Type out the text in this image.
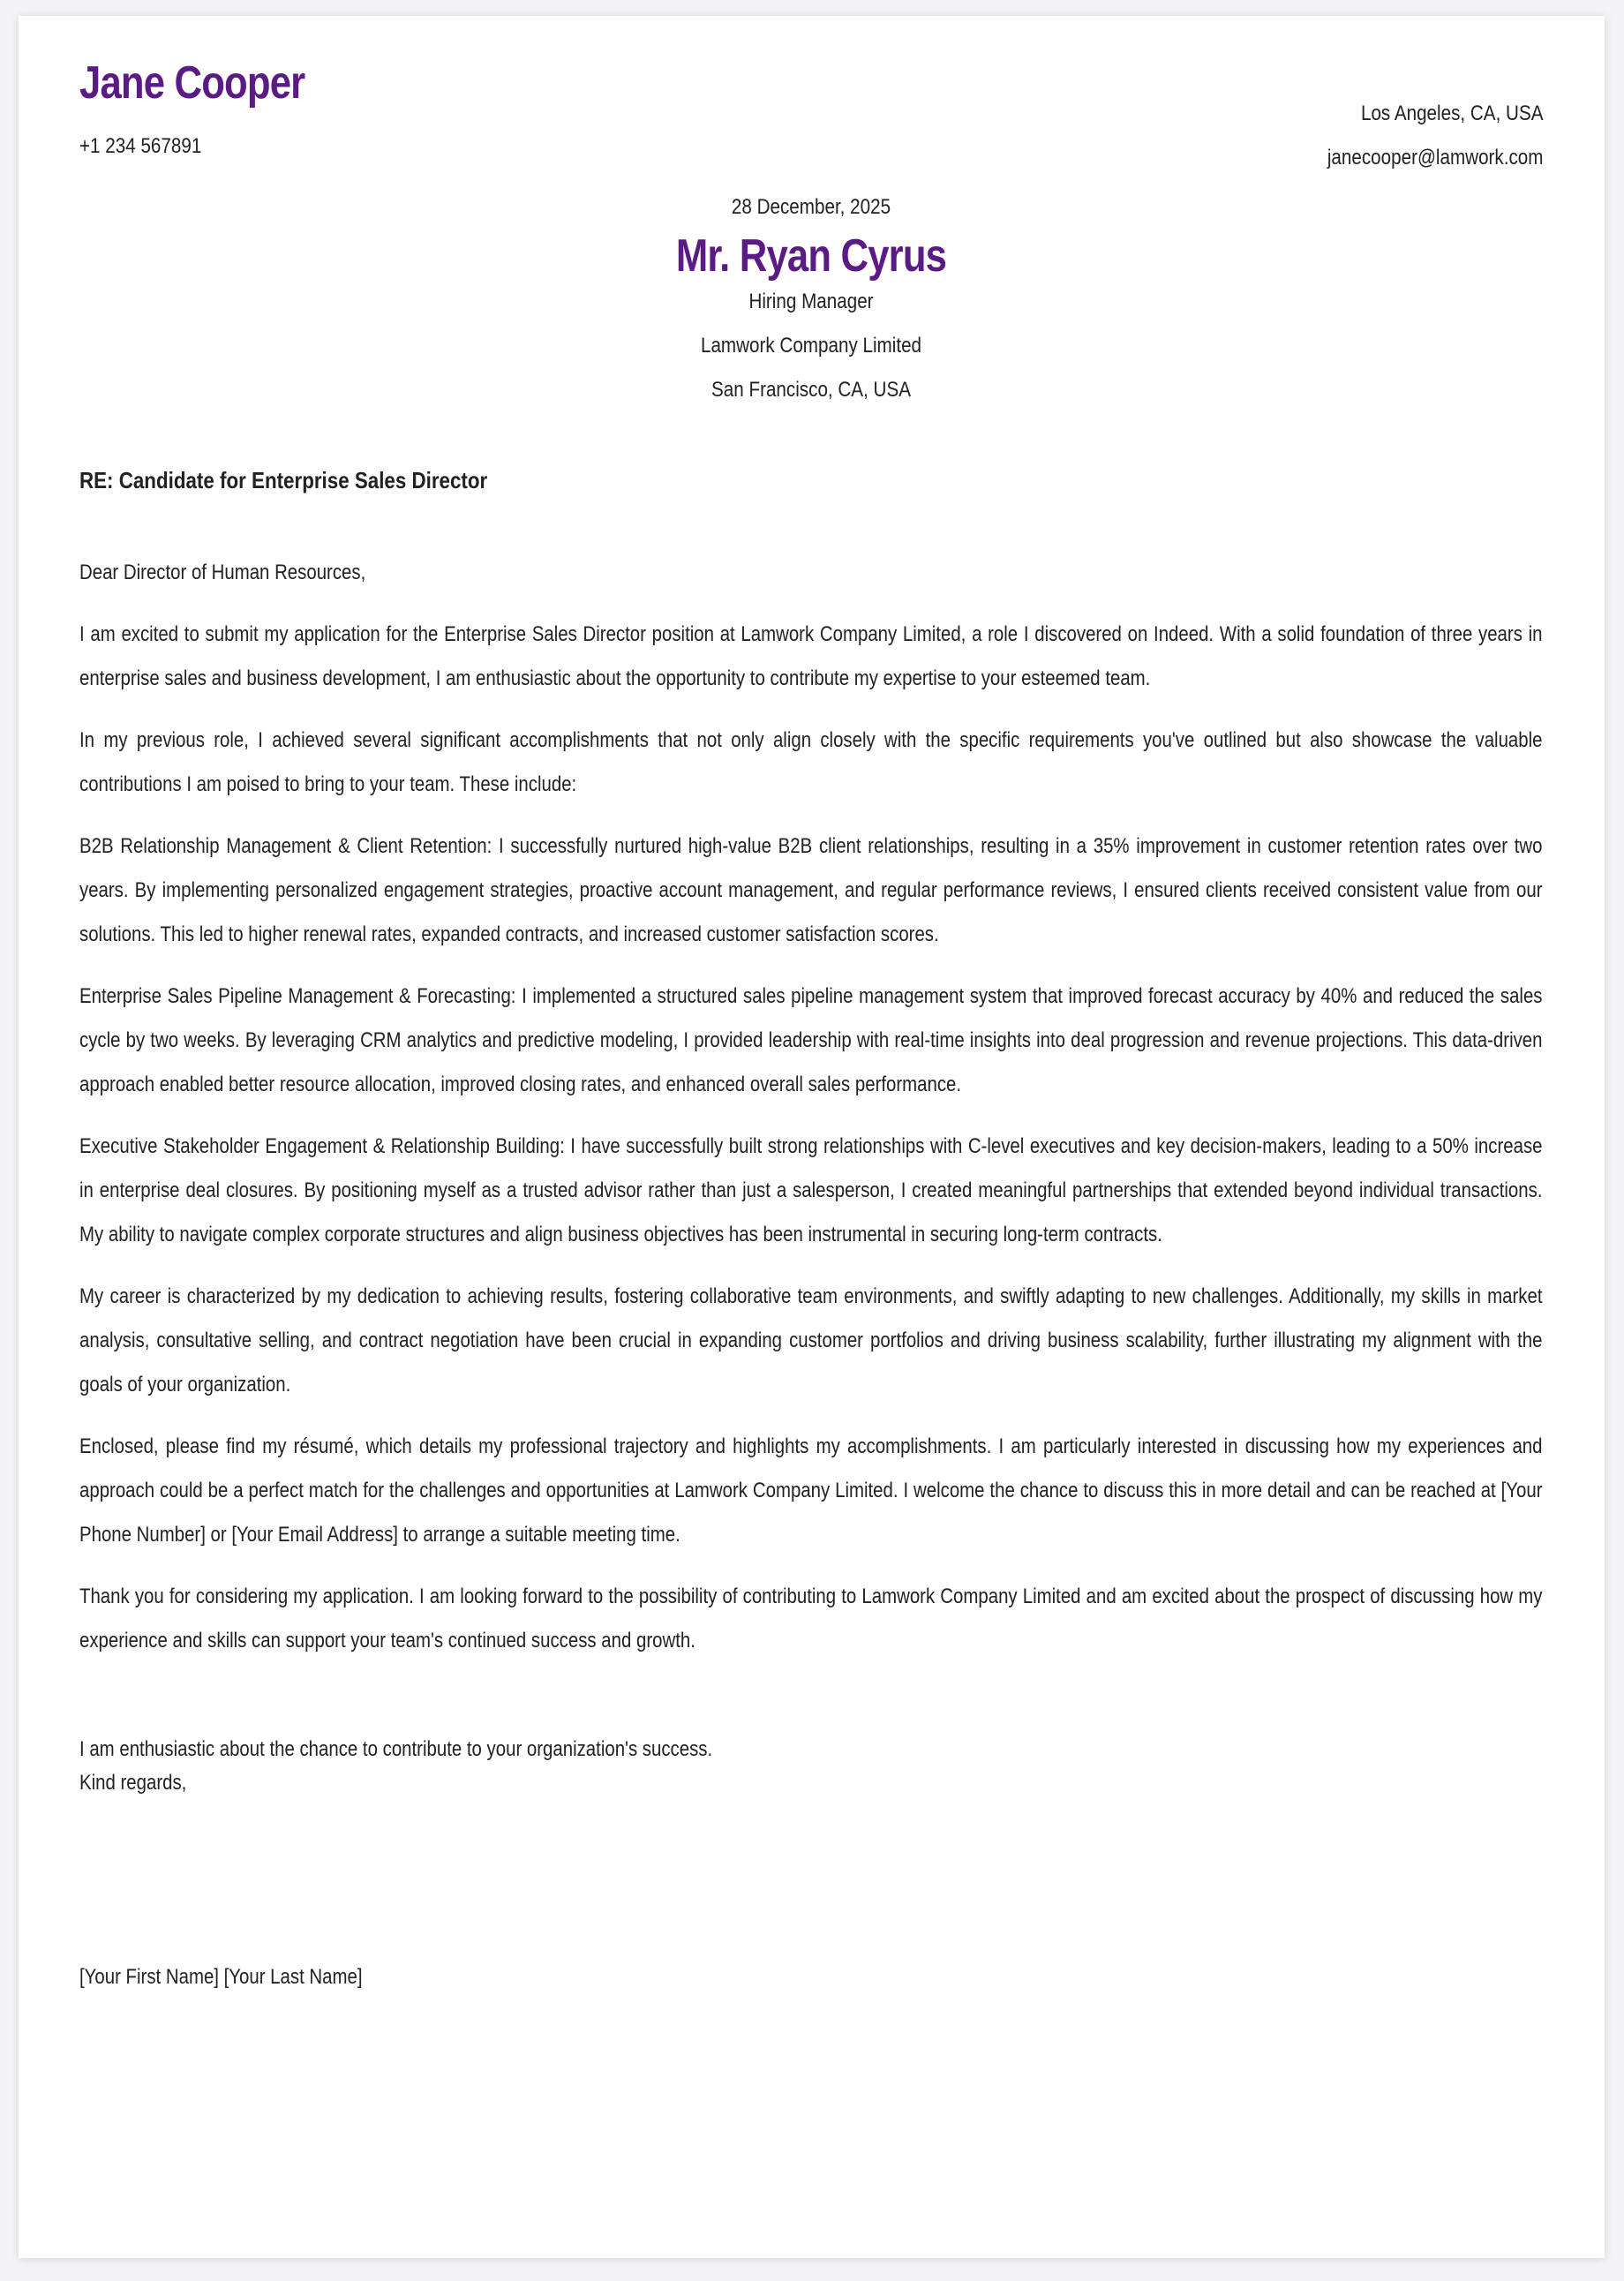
Jane Cooper
+1 234 567891
Los Angeles, CA, USA
janecooper@lamwork.com
28 December, 2025
Mr. Ryan Cyrus
Hiring Manager
Lamwork Company Limited
San Francisco, CA, USA
RE: Candidate for Enterprise Sales Director

Dear Director of Human Resources,

I am excited to submit my application for the Enterprise Sales Director position at Lamwork Company Limited, a role I discovered on Indeed. With a solid foundation of three years in enterprise sales and business development, I am enthusiastic about the opportunity to contribute my expertise to your esteemed team.

In my previous role, I achieved several significant accomplishments that not only align closely with the specific requirements you've outlined but also showcase the valuable contributions I am poised to bring to your team. These include:

B2B Relationship Management & Client Retention: I successfully nurtured high-value B2B client relationships, resulting in a 35% improvement in customer retention rates over two years. By implementing personalized engagement strategies, proactive account management, and regular performance reviews, I ensured clients received consistent value from our solutions. This led to higher renewal rates, expanded contracts, and increased customer satisfaction scores.

Enterprise Sales Pipeline Management & Forecasting: I implemented a structured sales pipeline management system that improved forecast accuracy by 40% and reduced the sales cycle by two weeks. By leveraging CRM analytics and predictive modeling, I provided leadership with real-time insights into deal progression and revenue projections. This data-driven approach enabled better resource allocation, improved closing rates, and enhanced overall sales performance.

Executive Stakeholder Engagement & Relationship Building: I have successfully built strong relationships with C-level executives and key decision-makers, leading to a 50% increase in enterprise deal closures. By positioning myself as a trusted advisor rather than just a salesperson, I created meaningful partnerships that extended beyond individual transactions. My ability to navigate complex corporate structures and align business objectives has been instrumental in securing long-term contracts.

My career is characterized by my dedication to achieving results, fostering collaborative team environments, and swiftly adapting to new challenges. Additionally, my skills in market analysis, consultative selling, and contract negotiation have been crucial in expanding customer portfolios and driving business scalability, further illustrating my alignment with the goals of your organization.

Enclosed, please find my résumé, which details my professional trajectory and highlights my accomplishments. I am particularly interested in discussing how my experiences and approach could be a perfect match for the challenges and opportunities at Lamwork Company Limited. I welcome the chance to discuss this in more detail and can be reached at [Your Phone Number] or [Your Email Address] to arrange a suitable meeting time.

Thank you for considering my application. I am looking forward to the possibility of contributing to Lamwork Company Limited and am excited about the prospect of discussing how my experience and skills can support your team's continued success and growth.

I am enthusiastic about the chance to contribute to your organization's success.
Kind regards,
[Your First Name] [Your Last Name]
